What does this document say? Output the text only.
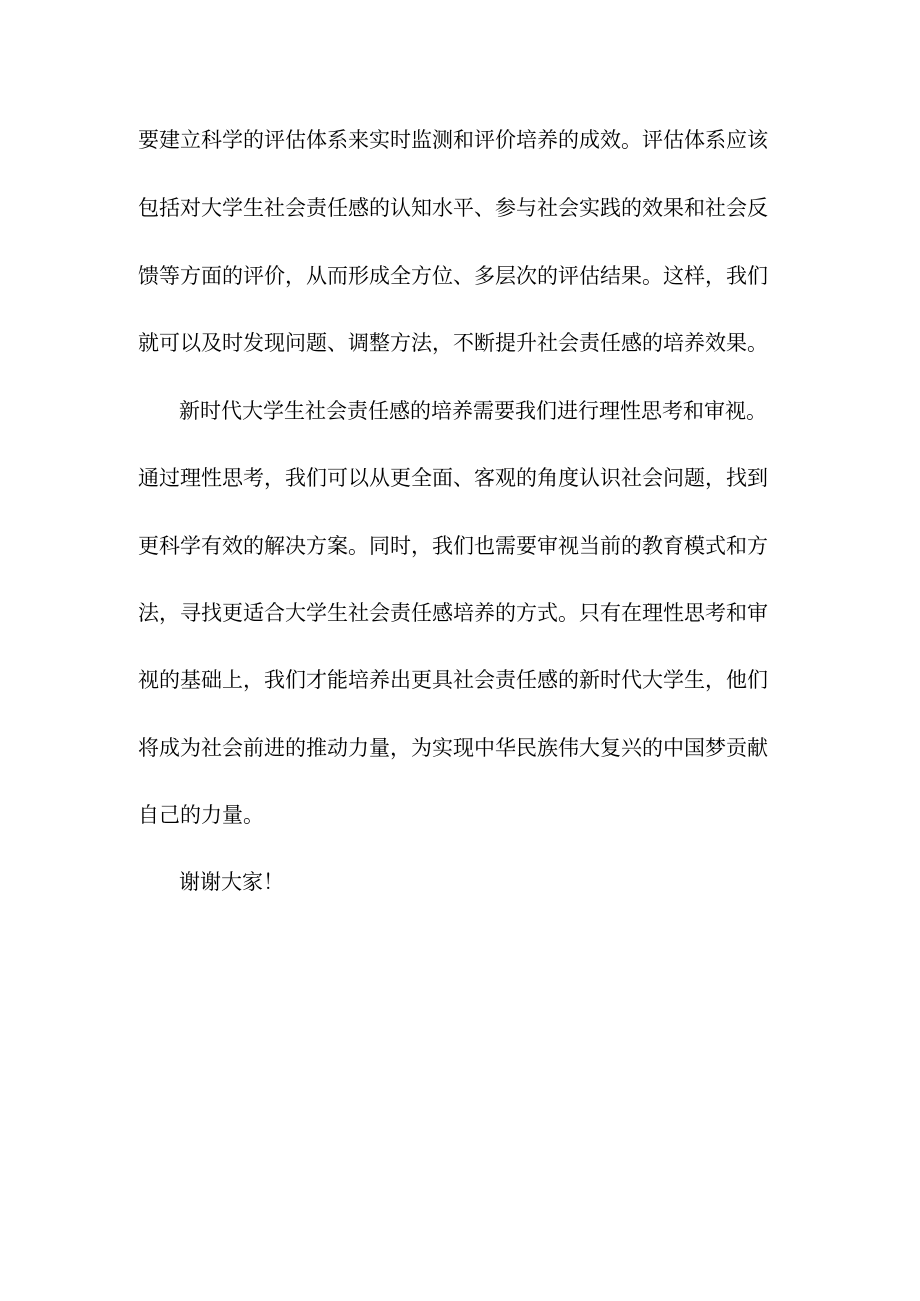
要建立科学的评估体系来实时监测和评价培养的成效。评估体系应该
包括对大学生社会责任感的认知水平、参与社会实践的效果和社会反
馈等方面的评价，从而形成全方位、多层次的评估结果。这样，我们
就可以及时发现问题、调整方法，不断提升社会责任感的培养效果。
新时代大学生社会责任感的培养需要我们进行理性思考和审视。
通过理性思考，我们可以从更全面、客观的角度认识社会问题，找到
更科学有效的解决方案。同时，我们也需要审视当前的教育模式和方
法，寻找更适合大学生社会责任感培养的方式。只有在理性思考和审
视的基础上，我们才能培养出更具社会责任感的新时代大学生，他们
将成为社会前进的推动力量，为实现中华民族伟大复兴的中国梦贡献
自己的力量。
谢谢大家！
